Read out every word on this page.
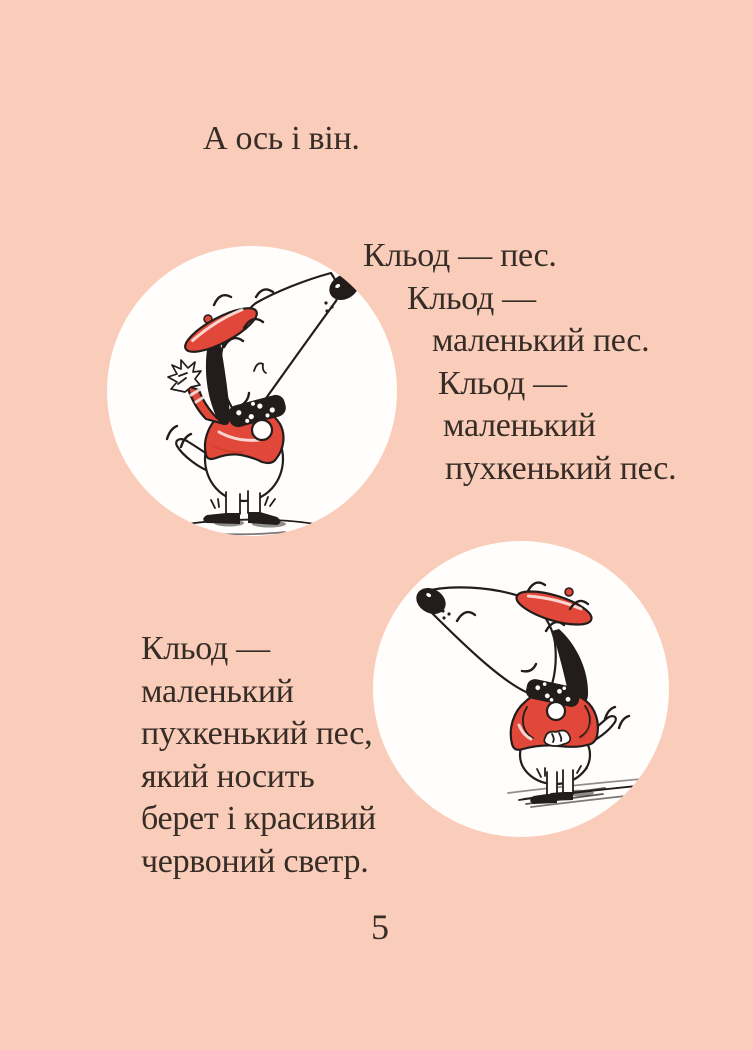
А ось і він.
Кльод — пес.
Кльод —
маленький пес.
Кльод —
маленький
пухкенький пес.
Кльод —
маленький
пухкенький пес,
який носить
берет і красивий
червоний светр.
5
